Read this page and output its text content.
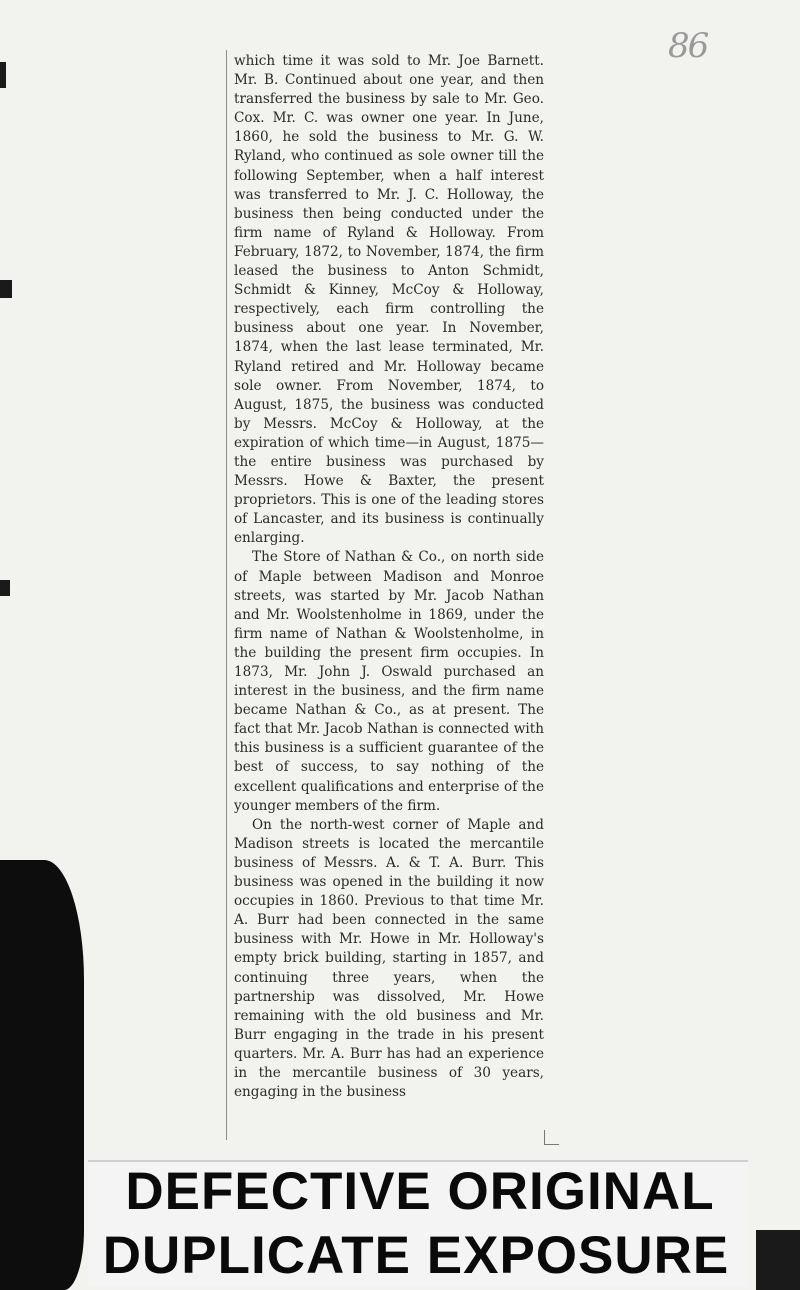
86

which time it was sold to Mr. Joe Barnett. Mr. B. Continued about one year, and then transferred the business by sale to Mr. Geo. Cox. Mr. C. was owner one year. In June, 1860, he sold the business to Mr. G. W. Ryland, who continued as sole owner till the following September, when a half interest was transferred to Mr. J. C. Holloway, the business then being conducted under the firm name of Ryland & Holloway. From February, 1872, to November, 1874, the firm leased the business to Anton Schmidt, Schmidt & Kinney, McCoy & Holloway, respectively, each firm controlling the business about one year. In November, 1874, when the last lease terminated, Mr. Ryland retired and Mr. Holloway became sole owner. From November, 1874, to August, 1875, the business was conducted by Messrs. McCoy & Holloway, at the expiration of which time—in August, 1875—the entire business was purchased by Messrs. Howe & Baxter, the present proprietors. This is one of the leading stores of Lancaster, and its business is continually enlarging.

The Store of Nathan & Co., on north side of Maple between Madison and Monroe streets, was started by Mr. Jacob Nathan and Mr. Woolstenholme in 1869, under the firm name of Nathan & Woolstenholme, in the building the present firm occupies. In 1873, Mr. John J. Oswald purchased an interest in the business, and the firm name became Nathan & Co., as at present. The fact that Mr. Jacob Nathan is connected with this business is a sufficient guarantee of the best of success, to say nothing of the excellent qualifications and enterprise of the younger members of the firm.

On the north-west corner of Maple and Madison streets is located the mercantile business of Messrs. A. & T. A. Burr. This business was opened in the building it now occupies in 1860. Previous to that time Mr. A. Burr had been connected in the same business with Mr. Howe in Mr. Holloway's empty brick building, starting in 1857, and continuing three years, when the partnership was dissolved, Mr. Howe remaining with the old business and Mr. Burr engaging in the trade in his present quarters. Mr. A. Burr has had an experience in the mercantile business of 30 years, engaging in the business

DEFECTIVE ORIGINAL
DUPLICATE EXPOSURE
